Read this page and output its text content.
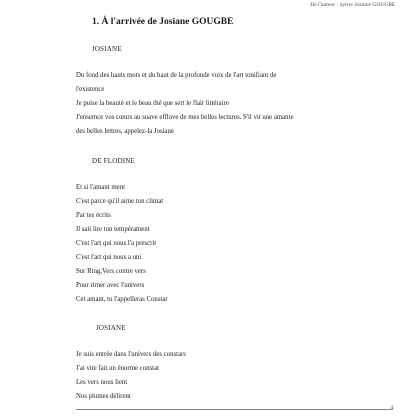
De l'auteur : Sylvie Josiane GOUGBE
1. À l'arrivée de Josiane GOUGBE
JOSIANE
Du fond des hauts mots et du haut de la profonde voix de l'art tonifiant de
l'existence
Je puise la beauté et le beau thé que sert le flair littéraire
J'ensemce vos cœurs au suave effluve de mes belles lectures. S'il vit une amante
des belles lettres, appelez-la Josiane
DE FLODINE
Et si l'amant ment
C'est parce qu'il aime ton climat
Par tes écrits
Il sait lire ton tempérament
C'est l'art qui nous l'a prescrit
C'est l'art qui nous a uni
Sur Ring,Vers contre vers
Pour rimer avec l'univers
Cet amant, tu l'appelleras Constar
JOSIANE
Je suis entrée dans l'univers des constars
J'ai vite fait un énorme constat
Les vers nous lient
Nos plumes délirent
4
